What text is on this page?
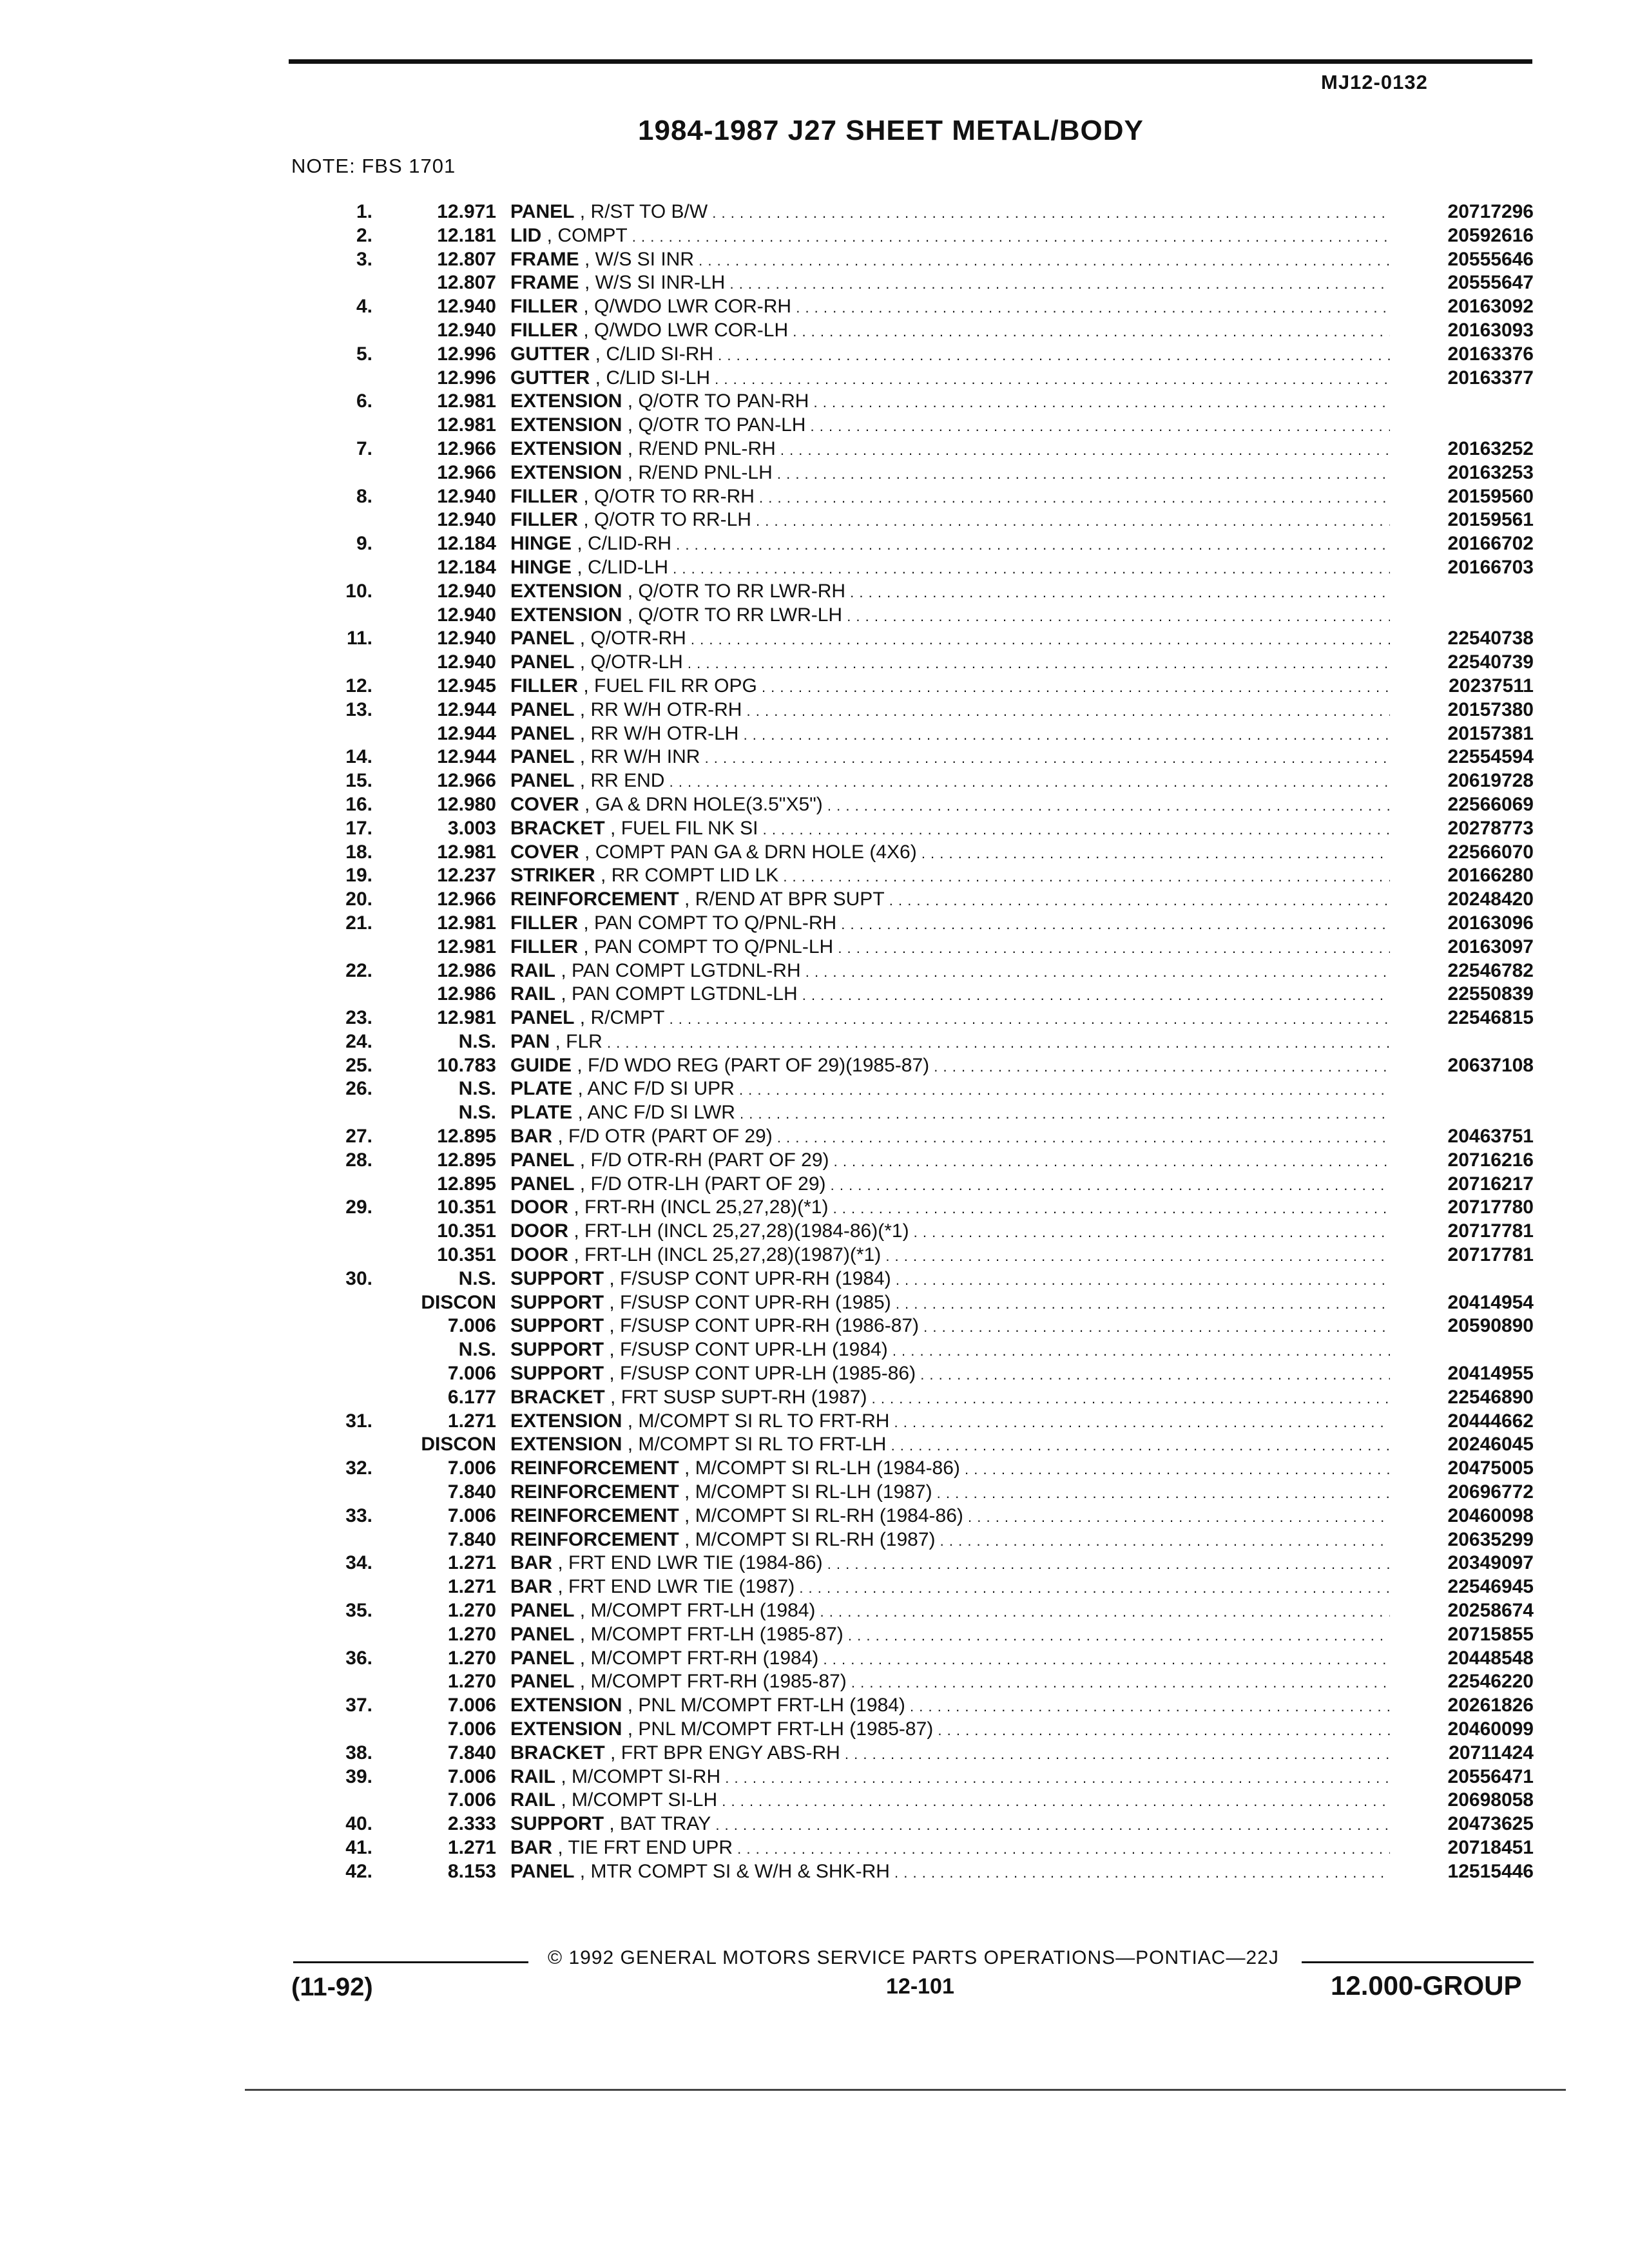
MJ12-0132
1984-1987 J27 SHEET METAL/BODY
NOTE: FBS 1701
1.	12.971 PANEL , R/ST TO B/W . . .	20717296
2.	12.181 LID , COMPT . . .	20592616
3.	12.807 FRAME , W/S SI INR . . .	20555646
12.807 FRAME , W/S SI INR-LH . . .	20555647
4.	12.940 FILLER , Q/WDO LWR COR-RH . . .	20163092
12.940 FILLER , Q/WDO LWR COR-LH . . .	20163093
5.	12.996 GUTTER , C/LID SI-RH . . .	20163376
12.996 GUTTER , C/LID SI-LH . . .	20163377
6.	12.981 EXTENSION , Q/OTR TO PAN-RH . . .
12.981 EXTENSION , Q/OTR TO PAN-LH . . .
7.	12.966 EXTENSION , R/END PNL-RH . . .	20163252
12.966 EXTENSION , R/END PNL-LH . . .	20163253
8.	12.940 FILLER , Q/OTR TO RR-RH . . .	20159560
12.940 FILLER , Q/OTR TO RR-LH . . .	20159561
9.	12.184 HINGE , C/LID-RH . . .	20166702
12.184 HINGE , C/LID-LH . . .	20166703
10.	12.940 EXTENSION , Q/OTR TO RR LWR-RH . . .
12.940 EXTENSION , Q/OTR TO RR LWR-LH . . .
11.	12.940 PANEL , Q/OTR-RH . . .	22540738
12.940 PANEL , Q/OTR-LH . . .	22540739
12.	12.945 FILLER , FUEL FIL RR OPG . . .	20237511
13.	12.944 PANEL , RR W/H OTR-RH . . .	20157380
12.944 PANEL , RR W/H OTR-LH . . .	20157381
14.	12.944 PANEL , RR W/H INR . . .	22554594
15.	12.966 PANEL , RR END . . .	20619728
16.	12.980 COVER , GA & DRN HOLE(3.5"X5") . . .	22566069
17.	3.003 BRACKET , FUEL FIL NK SI . . .	20278773
18.	12.981 COVER , COMPT PAN GA & DRN HOLE (4X6) . . .	22566070
19.	12.237 STRIKER , RR COMPT LID LK . . .	20166280
20.	12.966 REINFORCEMENT , R/END AT BPR SUPT . . .	20248420
21.	12.981 FILLER , PAN COMPT TO Q/PNL-RH . . .	20163096
12.981 FILLER , PAN COMPT TO Q/PNL-LH . . .	20163097
22.	12.986 RAIL , PAN COMPT LGTDNL-RH . . .	22546782
12.986 RAIL , PAN COMPT LGTDNL-LH . . .	22550839
23.	12.981 PANEL , R/CMPT . . .	22546815
24.	N.S. PAN , FLR . . .
25.	10.783 GUIDE , F/D WDO REG (PART OF 29)(1985-87) . . .	20637108
26.	N.S. PLATE , ANC F/D SI UPR . . .
N.S. PLATE , ANC F/D SI LWR . . .
27.	12.895 BAR , F/D OTR (PART OF 29) . . .	20463751
28.	12.895 PANEL , F/D OTR-RH (PART OF 29) . . .	20716216
12.895 PANEL , F/D OTR-LH (PART OF 29) . . .	20716217
29.	10.351 DOOR , FRT-RH (INCL 25,27,28)(*1) . . .	20717780
10.351 DOOR , FRT-LH (INCL 25,27,28)(1984-86)(*1) . . .	20717781
10.351 DOOR , FRT-LH (INCL 25,27,28)(1987)(*1) . . .	20717781
30.	N.S. SUPPORT , F/SUSP CONT UPR-RH (1984) . . .
DISCON SUPPORT , F/SUSP CONT UPR-RH (1985) . . .	20414954
7.006 SUPPORT , F/SUSP CONT UPR-RH (1986-87) . . .	20590890
N.S. SUPPORT , F/SUSP CONT UPR-LH (1984) . . .
7.006 SUPPORT , F/SUSP CONT UPR-LH (1985-86) . . .	20414955
6.177 BRACKET , FRT SUSP SUPT-RH (1987) . . .	22546890
31.	1.271 EXTENSION , M/COMPT SI RL TO FRT-RH . . .	20444662
DISCON EXTENSION , M/COMPT SI RL TO FRT-LH . . .	20246045
32.	7.006 REINFORCEMENT , M/COMPT SI RL-LH (1984-86) . . .	20475005
7.840 REINFORCEMENT , M/COMPT SI RL-LH (1987) . . .	20696772
33.	7.006 REINFORCEMENT , M/COMPT SI RL-RH (1984-86) . . .	20460098
7.840 REINFORCEMENT , M/COMPT SI RL-RH (1987) . . .	20635299
34.	1.271 BAR , FRT END LWR TIE (1984-86) . . .	20349097
1.271 BAR , FRT END LWR TIE (1987) . . .	22546945
35.	1.270 PANEL , M/COMPT FRT-LH (1984) . . .	20258674
1.270 PANEL , M/COMPT FRT-LH (1985-87) . . .	20715855
36.	1.270 PANEL , M/COMPT FRT-RH (1984) . . .	20448548
1.270 PANEL , M/COMPT FRT-RH (1985-87) . . .	22546220
37.	7.006 EXTENSION , PNL M/COMPT FRT-LH (1984) . . .	20261826
7.006 EXTENSION , PNL M/COMPT FRT-LH (1985-87) . . .	20460099
38.	7.840 BRACKET , FRT BPR ENGY ABS-RH . . .	20711424
39.	7.006 RAIL , M/COMPT SI-RH . . .	20556471
7.006 RAIL , M/COMPT SI-LH . . .	20698058
40.	2.333 SUPPORT , BAT TRAY . . .	20473625
41.	1.271 BAR , TIE FRT END UPR . . .	20718451
42.	8.153 PANEL , MTR COMPT SI & W/H & SHK-RH . . .	12515446
© 1992 GENERAL MOTORS SERVICE PARTS OPERATIONS—PONTIAC—22J
(11-92)	12-101	12.000-GROUP
